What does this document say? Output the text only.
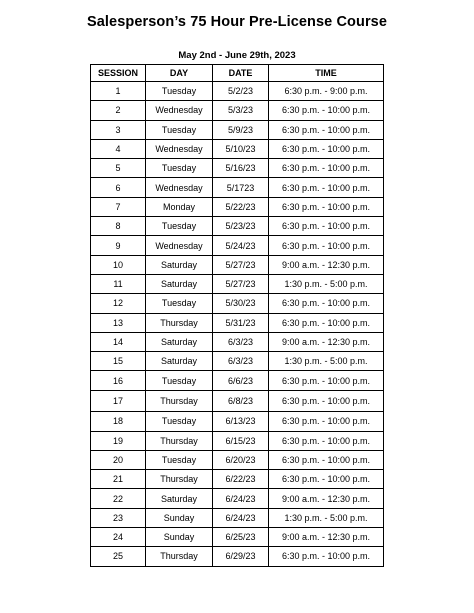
Salesperson’s 75 Hour Pre-License Course
May 2nd - June 29th, 2023
SESSION	DAY	DATE	TIME
1	Tuesday	5/2/23	6:30 p.m. - 9:00 p.m.
2	Wednesday	5/3/23	6:30 p.m. - 10:00 p.m.
3	Tuesday	5/9/23	6:30 p.m. - 10:00 p.m.
4	Wednesday	5/10/23	6:30 p.m. - 10:00 p.m.
5	Tuesday	5/16/23	6:30 p.m. - 10:00 p.m.
6	Wednesday	5/1723	6:30 p.m. - 10:00 p.m.
7	Monday	5/22/23	6:30 p.m. - 10:00 p.m.
8	Tuesday	5/23/23	6:30 p.m. - 10:00 p.m.
9	Wednesday	5/24/23	6:30 p.m. - 10:00 p.m.
10	Saturday	5/27/23	9:00 a.m. - 12:30 p.m.
11	Saturday	5/27/23	1:30 p.m. - 5:00 p.m.
12	Tuesday	5/30/23	6:30 p.m. - 10:00 p.m.
13	Thursday	5/31/23	6:30 p.m. - 10:00 p.m.
14	Saturday	6/3/23	9:00 a.m. - 12:30 p.m.
15	Saturday	6/3/23	1:30 p.m. - 5:00 p.m.
16	Tuesday	6/6/23	6:30 p.m. - 10:00 p.m.
17	Thursday	6/8/23	6:30 p.m. - 10:00 p.m.
18	Tuesday	6/13/23	6:30 p.m. - 10:00 p.m.
19	Thursday	6/15/23	6:30 p.m. - 10:00 p.m.
20	Tuesday	6/20/23	6:30 p.m. - 10:00 p.m.
21	Thursday	6/22/23	6:30 p.m. - 10:00 p.m.
22	Saturday	6/24/23	9:00 a.m. - 12:30 p.m.
23	Sunday	6/24/23	1:30 p.m. - 5:00 p.m.
24	Sunday	6/25/23	9:00 a.m. - 12:30 p.m.
25	Thursday	6/29/23	6:30 p.m. - 10:00 p.m.
